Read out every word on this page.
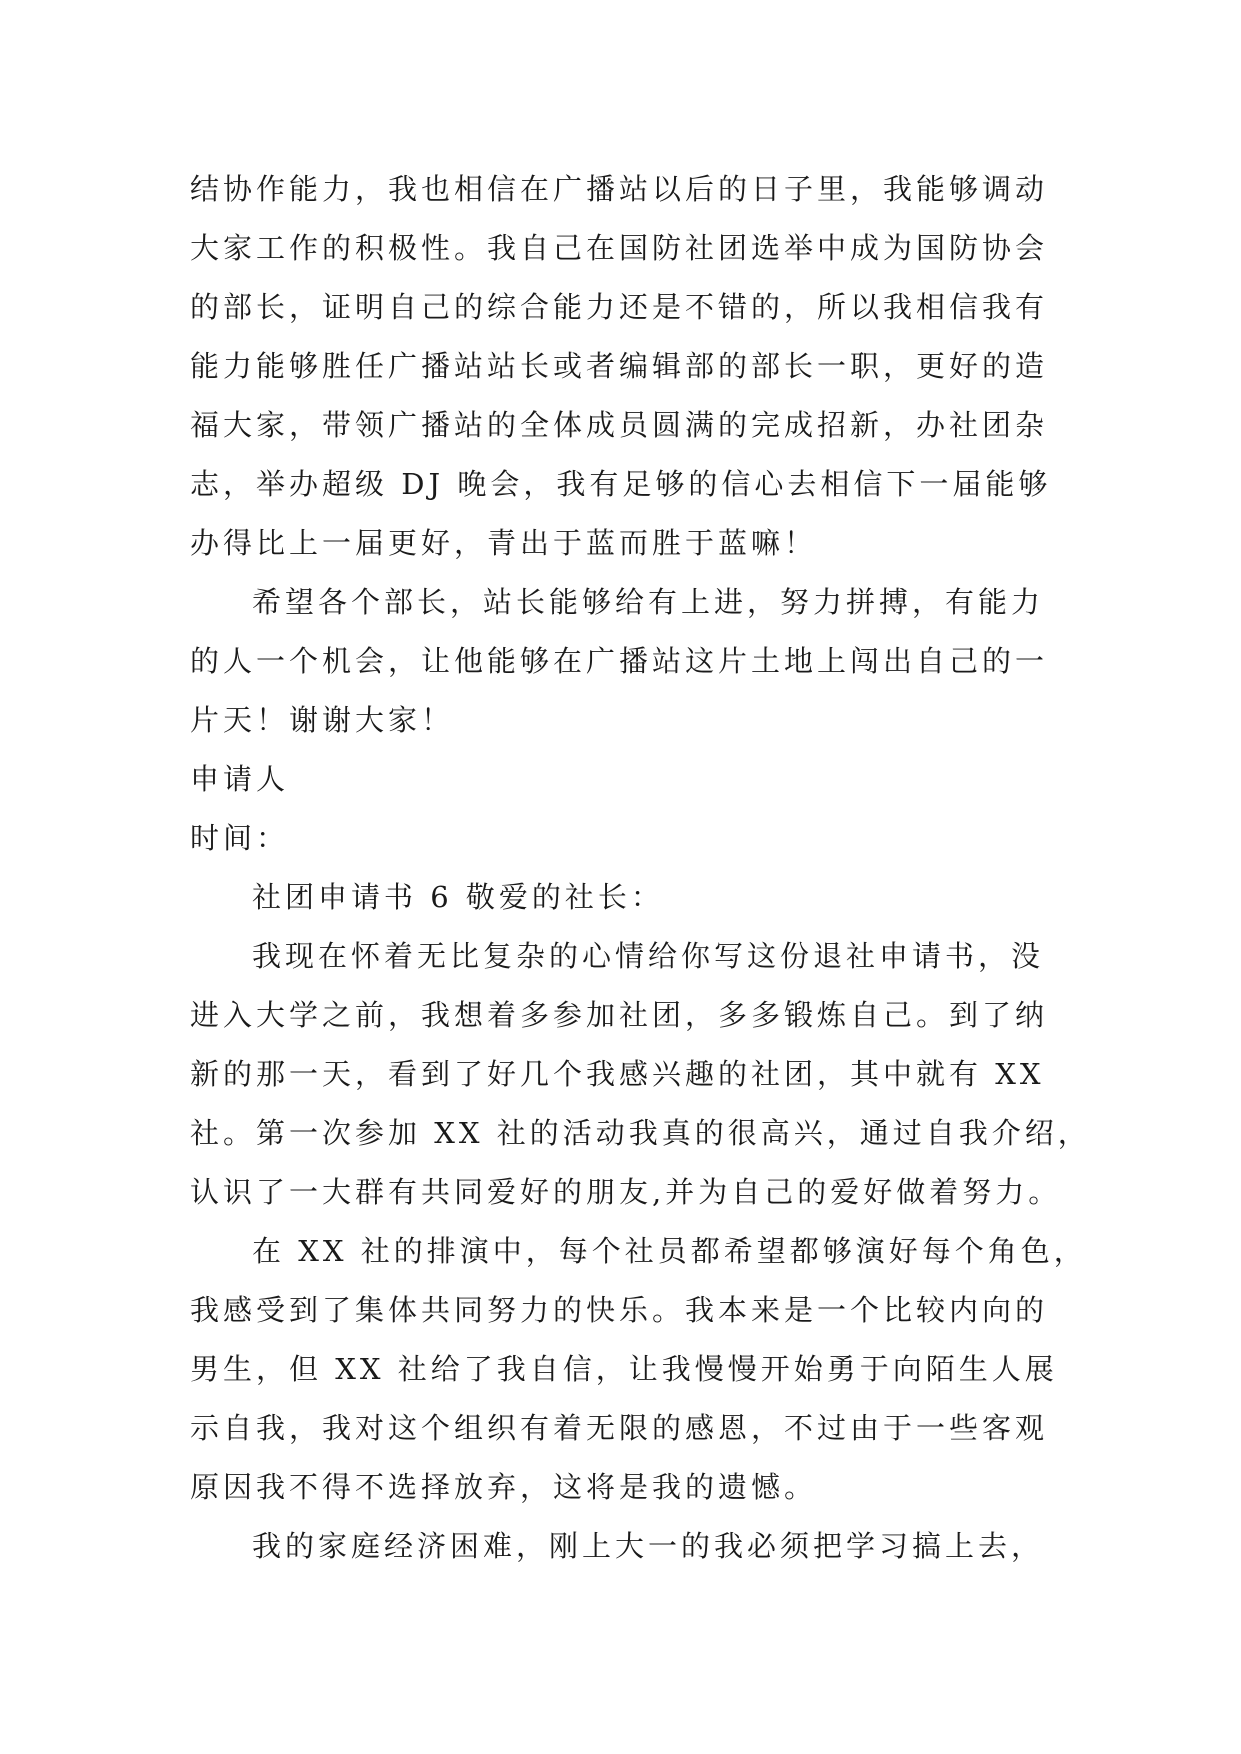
结协作能力，我也相信在广播站以后的日子里，我能够调动
大家工作的积极性。我自己在国防社团选举中成为国防协会
的部长，证明自己的综合能力还是不错的，所以我相信我有
能力能够胜任广播站站长或者编辑部的部长一职，更好的造
福大家，带领广播站的全体成员圆满的完成招新，办社团杂
志，举办超级 DJ 晚会，我有足够的信心去相信下一届能够
办得比上一届更好，青出于蓝而胜于蓝嘛！
希望各个部长，站长能够给有上进，努力拼搏，有能力
的人一个机会，让他能够在广播站这片土地上闯出自己的一
片天！谢谢大家！
申请人
时间：
社团申请书 6 敬爱的社长：
我现在怀着无比复杂的心情给你写这份退社申请书，没
进入大学之前，我想着多参加社团，多多锻炼自己。到了纳
新的那一天，看到了好几个我感兴趣的社团，其中就有 XX
社。第一次参加 XX 社的活动我真的很高兴，通过自我介绍，
认识了一大群有共同爱好的朋友,并为自己的爱好做着努力。
在 XX 社的排演中，每个社员都希望都够演好每个角色，
我感受到了集体共同努力的快乐。我本来是一个比较内向的
男生，但 XX 社给了我自信，让我慢慢开始勇于向陌生人展
示自我，我对这个组织有着无限的感恩，不过由于一些客观
原因我不得不选择放弃，这将是我的遗憾。
我的家庭经济困难，刚上大一的我必须把学习搞上去，
